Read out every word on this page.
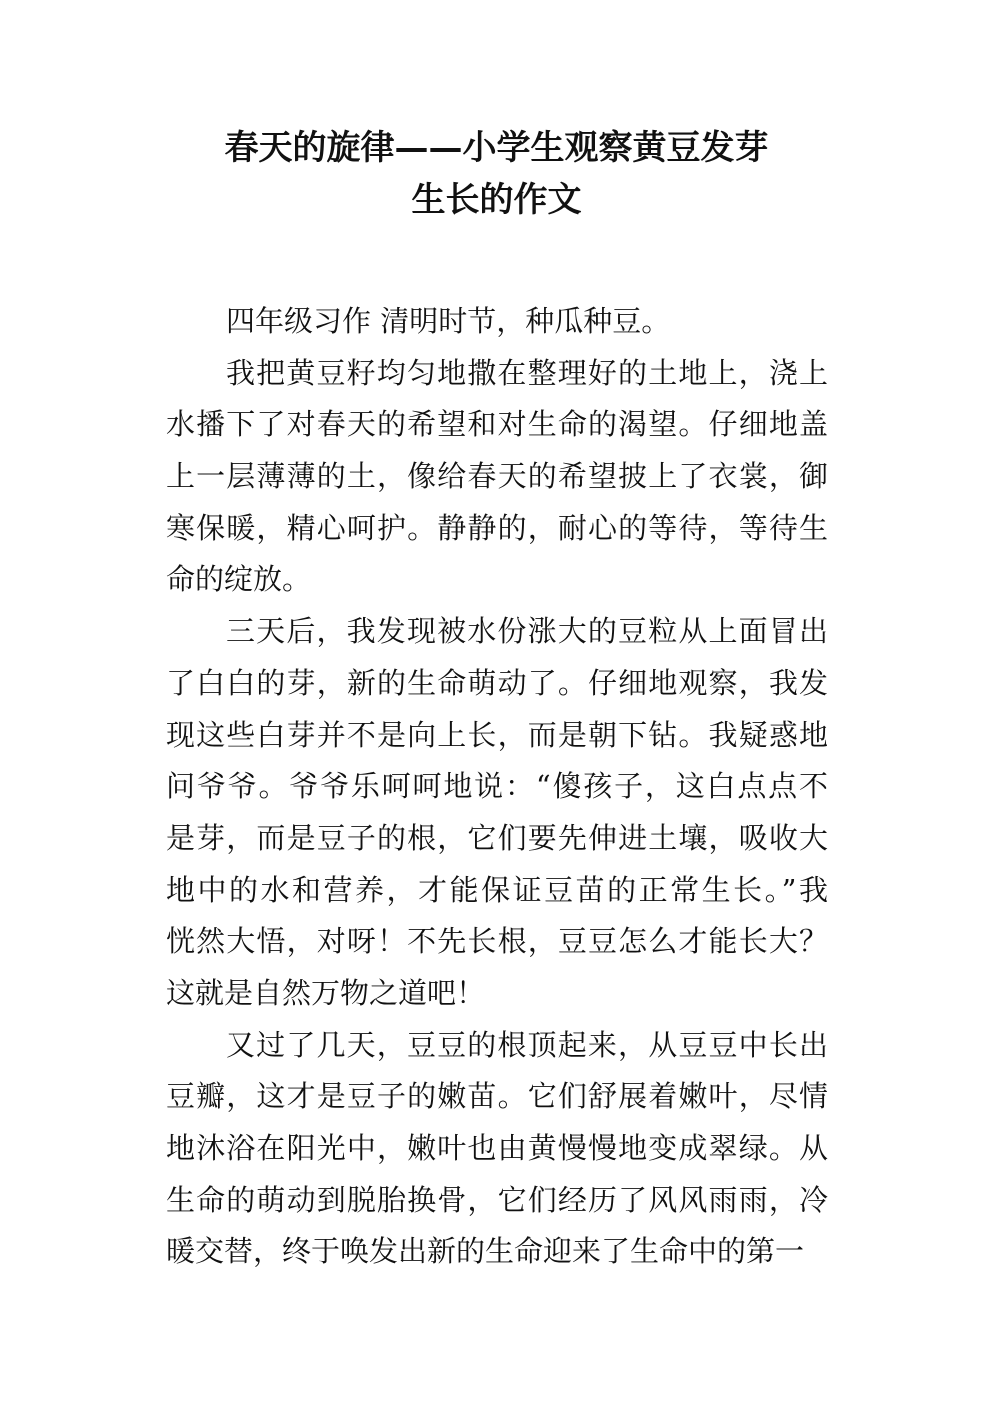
春天的旋律——小学生观察黄豆发芽
生长的作文
四年级习作 清明时节，种瓜种豆。
我把黄豆籽均匀地撒在整理好的土地上，浇上
水播下了对春天的希望和对生命的渴望。仔细地盖
上一层薄薄的土，像给春天的希望披上了衣裳，御
寒保暖，精心呵护。静静的，耐心的等待，等待生
命的绽放。
三天后，我发现被水份涨大的豆粒从上面冒出
了白白的芽，新的生命萌动了。仔细地观察，我发
现这些白芽并不是向上长，而是朝下钻。我疑惑地
问爷爷。爷爷乐呵呵地说：“傻孩子，这白点点不
是芽，而是豆子的根，它们要先伸进土壤，吸收大
地中的水和营养，才能保证豆苗的正常生长。”我
恍然大悟，对呀！不先长根，豆豆怎么才能长大？
这就是自然万物之道吧！
又过了几天，豆豆的根顶起来，从豆豆中长出
豆瓣，这才是豆子的嫩苗。它们舒展着嫩叶，尽情
地沐浴在阳光中，嫩叶也由黄慢慢地变成翠绿。从
生命的萌动到脱胎换骨，它们经历了风风雨雨，冷
暖交替，终于唤发出新的生命迎来了生命中的第一
